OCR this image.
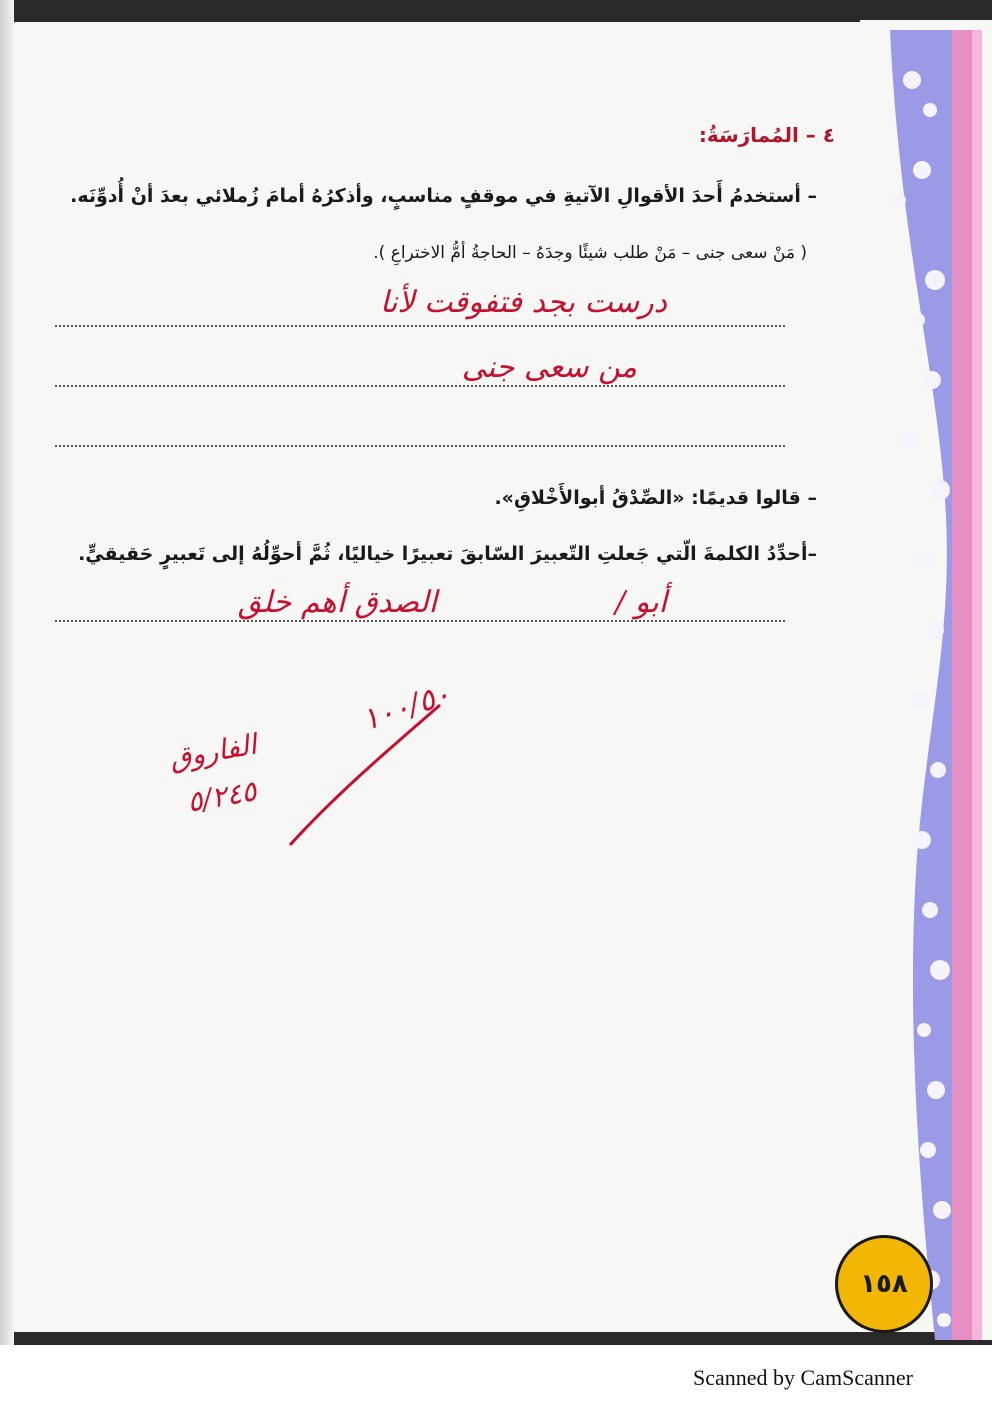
٤ – المُمارَسَةُ:
– أستخدمُ أَحدَ الأقوالِ الآتيةِ في موقفٍ مناسبٍ، وأذكرُهُ أمامَ زُملائي بعدَ أنْ أُدوِّنَه.
( مَنْ سعى جنى – مَنْ طلب شيئًا وجدَهُ – الحاجةُ أمُّ الاختراعِ ).
– قالوا قديمًا: «الصِّدْقُ أبوالأَخْلاقِ».
–أحدِّدُ الكلمةَ الّتي جَعلتِ التّعبيرَ السّابقَ تعبيرًا خياليًا، ثُمَّ أحوِّلُهُ إلى تَعبيرٍ حَقيقيٍّ.
درست بجد فتفوقت لأنا
من سعى جنى
أبو /
الصدق أهم خلق
١٠٠/٥٠
الفاروق
٥/٢٤٥
١٥٨
Scanned by CamScanner
